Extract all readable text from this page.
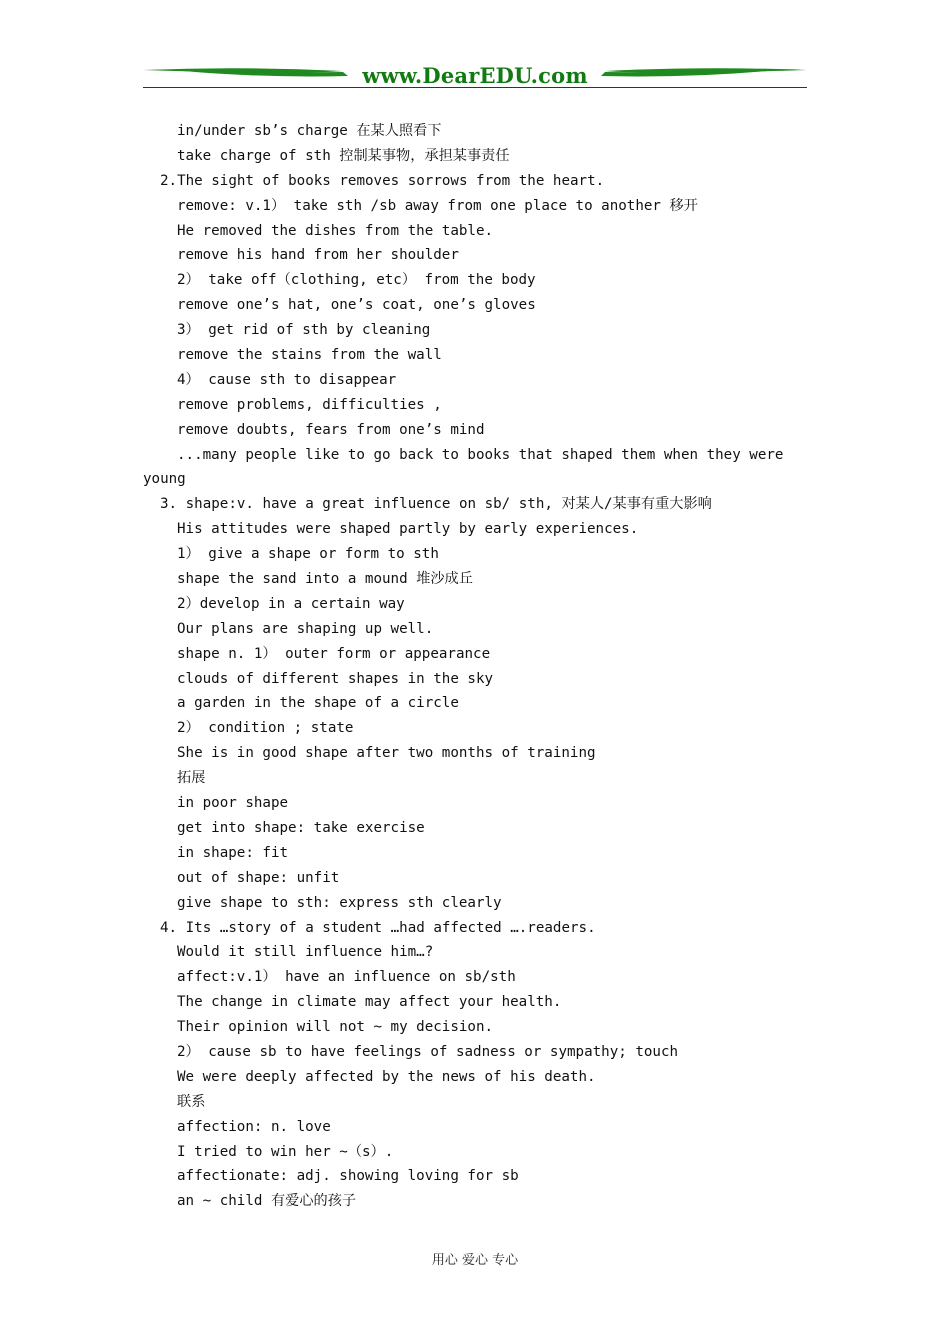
www.DearEDU.com
in/under sb’s charge 在某人照看下
take charge of sth 控制某事物，承担某事责任
2.The sight of books removes sorrows from the heart.
remove: v.1） take sth /sb away from one place to another 移开
He removed the dishes from the table.
remove his hand from her shoulder
2） take off（clothing, etc） from the body
remove one’s hat, one’s coat, one’s gloves
3） get rid of sth by cleaning
remove the stains from the wall
4） cause sth to disappear
remove problems, difficulties ,
remove doubts, fears from one’s mind
...many people like to go back to books that shaped them when they were
young
3. shape:v. have a great influence on sb/ sth, 对某人/某事有重大影响
His attitudes were shaped partly by early experiences.
1） give a shape or form to sth
shape the sand into a mound 堆沙成丘
2）develop in a certain way
Our plans are shaping up well.
shape n. 1） outer form or appearance
clouds of different shapes in the sky
a garden in the shape of a circle
2） condition ; state
She is in good shape after two months of training
拓展
in poor shape
get into shape: take exercise
in shape: fit
out of shape: unfit
give shape to sth: express sth clearly
4. Its …story of a student …had affected ….readers.
Would it still influence him…?
affect:v.1） have an influence on sb/sth
The change in climate may affect your health.
Their opinion will not ~ my decision.
2） cause sb to have feelings of sadness or sympathy; touch
We were deeply affected by the news of his death.
联系
affection: n. love
I tried to win her ~（s）.
affectionate: adj. showing loving for sb
an ~ child 有爱心的孩子
用心 爱心 专心
